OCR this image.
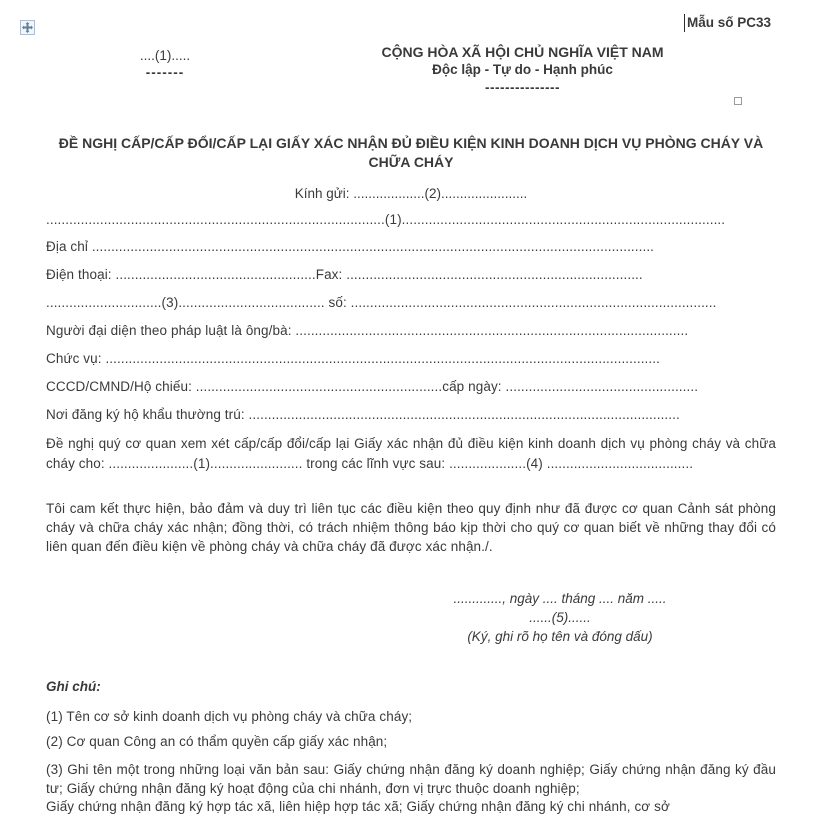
Mẫu số PC33
....(1).....
-------
CỘNG HÒA XÃ HỘI CHỦ NGHĨA VIỆT NAM
Độc lập - Tự do - Hạnh phúc
---------------
ĐỀ NGHỊ CẤP/CẤP ĐỔI/CẤP LẠI GIẤY XÁC NHẬN ĐỦ ĐIỀU KIỆN KINH DOANH DỊCH VỤ PHÒNG CHÁY VÀ CHỮA CHÁY
Kính gửi: ...................(2).......................
........................................................................................(1)....................................................................................
Địa chỉ ..................................................................................................................................................
Điện thoại: ....................................................Fax: .............................................................................
..............................(3)...................................... số: ...............................................................................................
Người đại diện theo pháp luật là ông/bà: ......................................................................................................
Chức vụ: ................................................................................................................................................
CCCD/CMND/Hộ chiếu: ................................................................cấp ngày: ..................................................
Nơi đăng ký hộ khẩu thường trú: ................................................................................................................
Đề nghị quý cơ quan xem xét cấp/cấp đổi/cấp lại Giấy xác nhận đủ điều kiện kinh doanh dịch vụ phòng cháy và chữa cháy cho: ......................(1)........................ trong các lĩnh vực sau: ....................(4) ......................................
Tôi cam kết thực hiện, bảo đảm và duy trì liên tục các điều kiện theo quy định như đã được cơ quan Cảnh sát phòng cháy và chữa cháy xác nhận; đồng thời, có trách nhiệm thông báo kịp thời cho quý cơ quan biết về những thay đổi có liên quan đến điều kiện về phòng cháy và chữa cháy đã được xác nhận./.
............., ngày .... tháng .... năm .....
......(5)......
(Ký, ghi rõ họ tên và đóng dấu)
Ghi chú:
(1) Tên cơ sở kinh doanh dịch vụ phòng cháy và chữa cháy;
(2) Cơ quan Công an có thẩm quyền cấp giấy xác nhận;
(3) Ghi tên một trong những loại văn bản sau: Giấy chứng nhận đăng ký doanh nghiệp; Giấy chứng nhận đăng ký đầu tư; Giấy chứng nhận đăng ký hoạt động của chi nhánh, đơn vị trực thuộc doanh nghiệp;
Giấy chứng nhận đăng ký hợp tác xã, liên hiệp hợp tác xã; Giấy chứng nhận đăng ký chi nhánh, cơ sở
